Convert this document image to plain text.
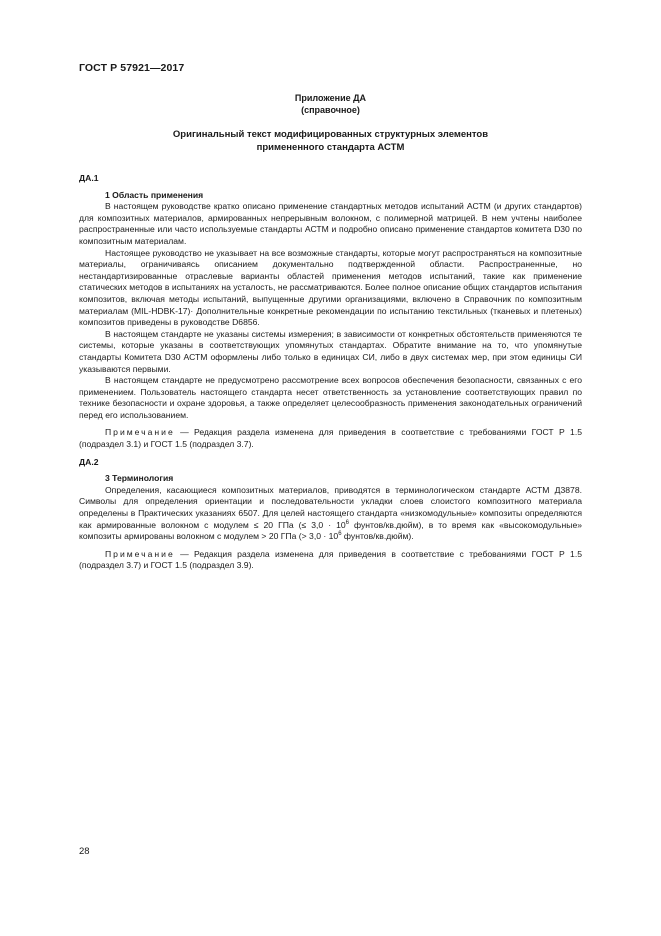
ГОСТ Р 57921—2017
Приложение ДА
(справочное)
Оригинальный текст модифицированных структурных элементов
примененного стандарта АСТМ

ДА.1

1 Область применения

В настоящем руководстве кратко описано применение стандартных методов испытаний АСТМ (и других стандартов) для композитных материалов, армированных непрерывным волокном, с полимерной матрицей. В нем учтены наиболее распространенные или часто используемые стандарты АСТМ и подробно описано применение стандартов комитета D30 по композитным материалам.

Настоящее руководство не указывает на все возможные стандарты, которые могут распространяться на композитные материалы, ограничиваясь описанием документально подтвержденной области. Распространенные, но нестандартизированные отраслевые варианты областей применения методов испытаний, такие как применение статических методов в испытаниях на усталость, не рассматриваются. Более полное описание общих стандартов испытания композитов, включая методы испытаний, выпущенные другими организациями, включено в Справочник по композитным материалам (MIL-HDBK-17)· Дополнительные конкретные рекомендации по испытанию текстильных (тканевых и плетеных) композитов приведены в руководстве D6856.

В настоящем стандарте не указаны системы измерения; в зависимости от конкретных обстоятельств применяются те системы, которые указаны в соответствующих упомянутых стандартах. Обратите внимание на то, что упомянутые стандарты Комитета D30 АСТМ оформлены либо только в единицах СИ, либо в двух системах мер, при этом единицы СИ указываются первыми.

В настоящем стандарте не предусмотрено рассмотрение всех вопросов обеспечения безопасности, связанных с его применением. Пользователь настоящего стандарта несет ответственность за установление соответствующих правил по технике безопасности и охране здоровья, а также определяет целесообразность применения законодательных ограничений перед его использованием.

Примечание — Редакция раздела изменена для приведения в соответствие с требованиями ГОСТ Р 1.5 (подраздел 3.1) и ГОСТ 1.5 (подраздел 3.7).

ДА.2

3 Терминология

Определения, касающиеся композитных материалов, приводятся в терминологическом стандарте АСТМ Д3878. Символы для определения ориентации и последовательности укладки слоев слоистого композитного материала определены в Практических указаниях 6507. Для целей настоящего стандарта «низкомодульные» композиты определяются как армированные волокном с модулем ≤ 20 ГПа (≤ $3,0 \cdot 10^6$ фунтов/кв.дюйм), в то время как «высокомодульные» композиты армированы волокном с модулем > 20 ГПа (> $3,0 \cdot 10^6$ фунтов/кв.дюйм).

Примечание — Редакция раздела изменена для приведения в соответствие с требованиями ГОСТ Р 1.5 (подраздел 3.7) и ГОСТ 1.5 (подраздел 3.9).

28
